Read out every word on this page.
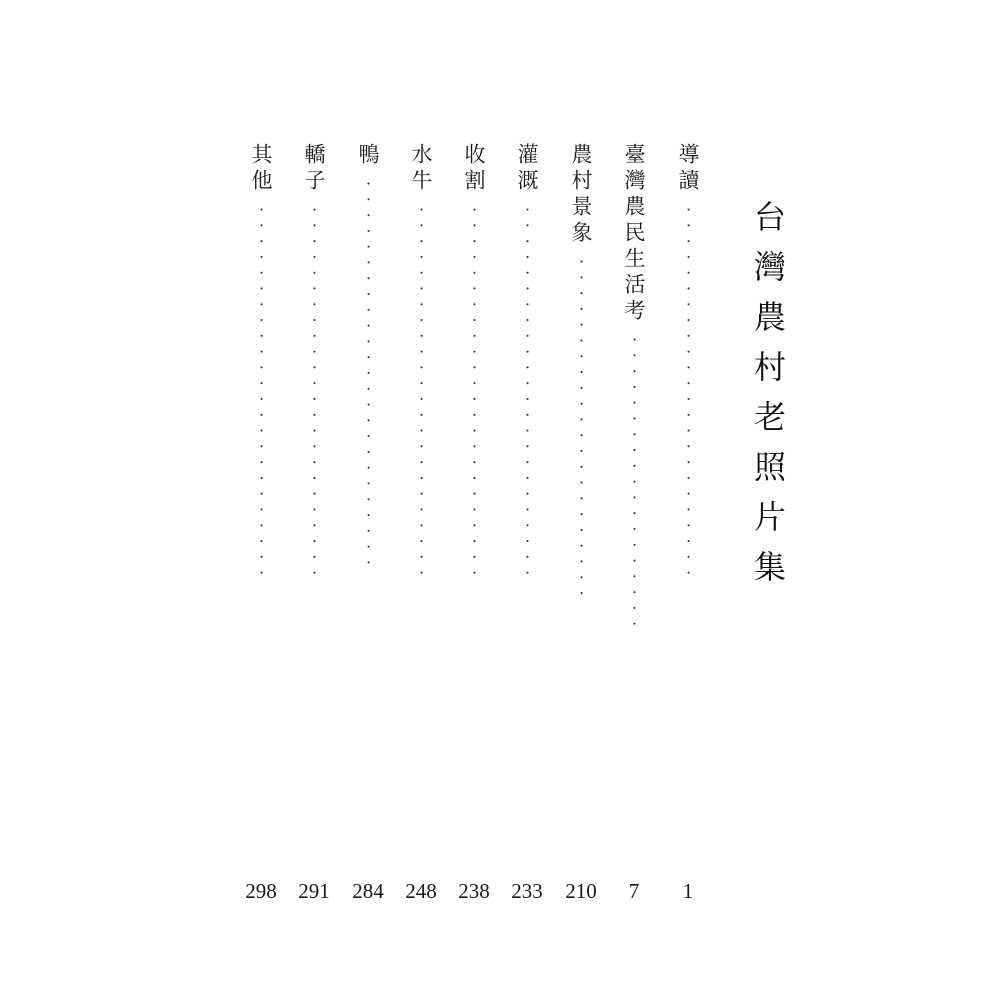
台灣農村老照片集
導讀
························
1
臺灣農民生活考
···················
7
農村景象
······················
210
灌溉
························
233
收割
························
238
水牛
························
248
鴨
·························
284
轎子
························
291
其他
························
298
